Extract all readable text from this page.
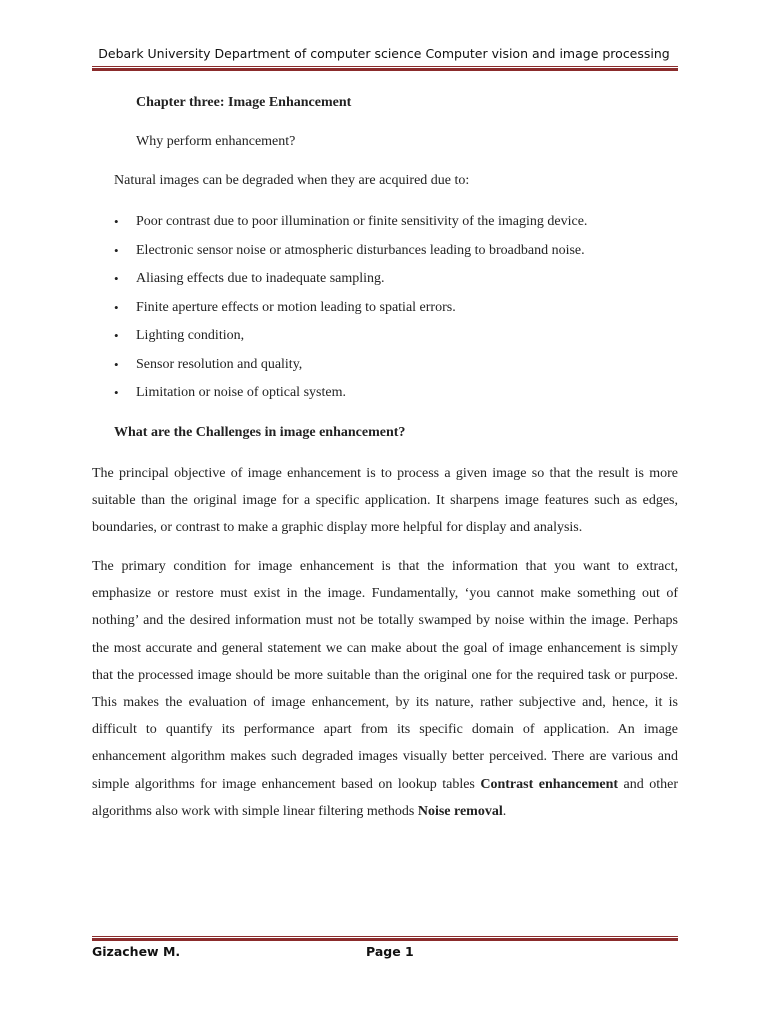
Debark University Department of computer science Computer vision and image processing
Chapter three: Image Enhancement
Why perform enhancement?
Natural images can be degraded when they are acquired due to:
• Poor contrast due to poor illumination or finite sensitivity of the imaging device.
• Electronic sensor noise or atmospheric disturbances leading to broadband noise.
• Aliasing effects due to inadequate sampling.
• Finite aperture effects or motion leading to spatial errors.
• Lighting condition,
• Sensor resolution and quality,
• Limitation or noise of optical system.
What are the Challenges in image enhancement?

The principal objective of image enhancement is to process a given image so that the result is more suitable than the original image for a specific application. It sharpens image features such as edges, boundaries, or contrast to make a graphic display more helpful for display and analysis.

The primary condition for image enhancement is that the information that you want to extract, emphasize or restore must exist in the image. Fundamentally, ‘you cannot make something out of nothing’ and the desired information must not be totally swamped by noise within the image. Perhaps the most accurate and general statement we can make about the goal of image enhancement is simply that the processed image should be more suitable than the original one for the required task or purpose. This makes the evaluation of image enhancement, by its nature, rather subjective and, hence, it is difficult to quantify its performance apart from its specific domain of application. An image enhancement algorithm makes such degraded images visually better perceived. There are various and simple algorithms for image enhancement based on lookup tables Contrast enhancement and other algorithms also work with simple linear filtering methods Noise removal.

Gizachew M.	Page 1
